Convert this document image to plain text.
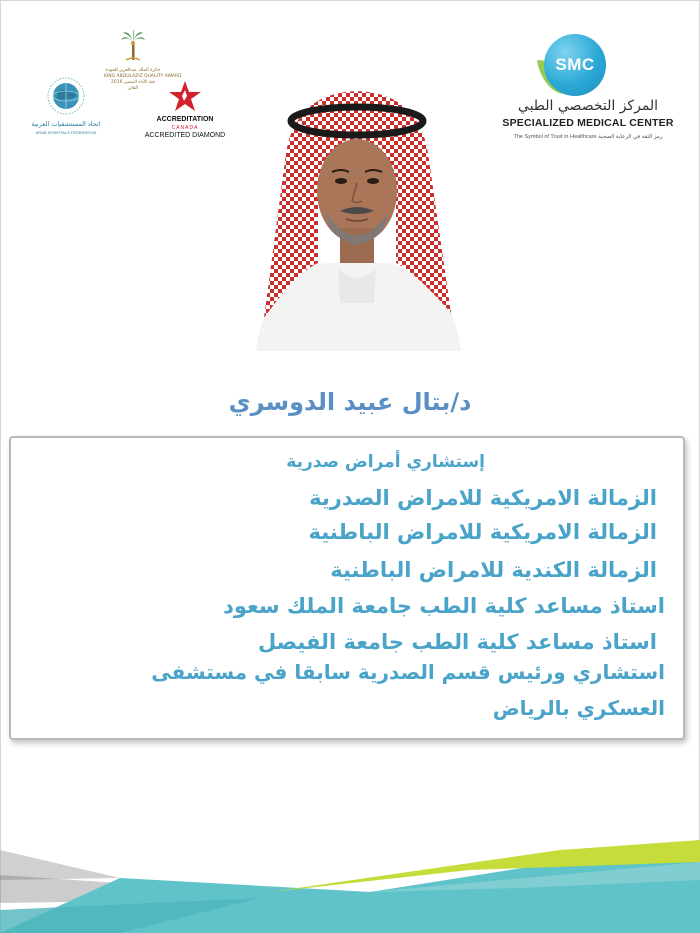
SMC
المركز التخصصي الطبي
SPECIALIZED MEDICAL CENTER
The Symbol of Trust in Healthcare رمز الثقة في الرعاية الصحية
جائزة الملك عبدالعزيز للجودة
KING ABDULAZIZ QUALITY AWARD
فئة الأداء المتميز 2016
الفائز
اتحاد المستشفيات العربية
ARAB HOSPITALS FEDERATION
ACCREDITATION
CANADA
ACCREDITED DIAMOND
د/بتال عبيد الدوسري
إستشاري أمراض صدرية
الزمالة الامريكية للامراض الصدرية
الزمالة الامريكية للامراض الباطنية
الزمالة الكندية للامراض الباطنية
استاذ مساعد كلية الطب جامعة الملك سعود
استاذ مساعد كلية الطب جامعة الفيصل
استشاري ورئيس قسم الصدرية سابقا في مستشفى
العسكري بالرياض
